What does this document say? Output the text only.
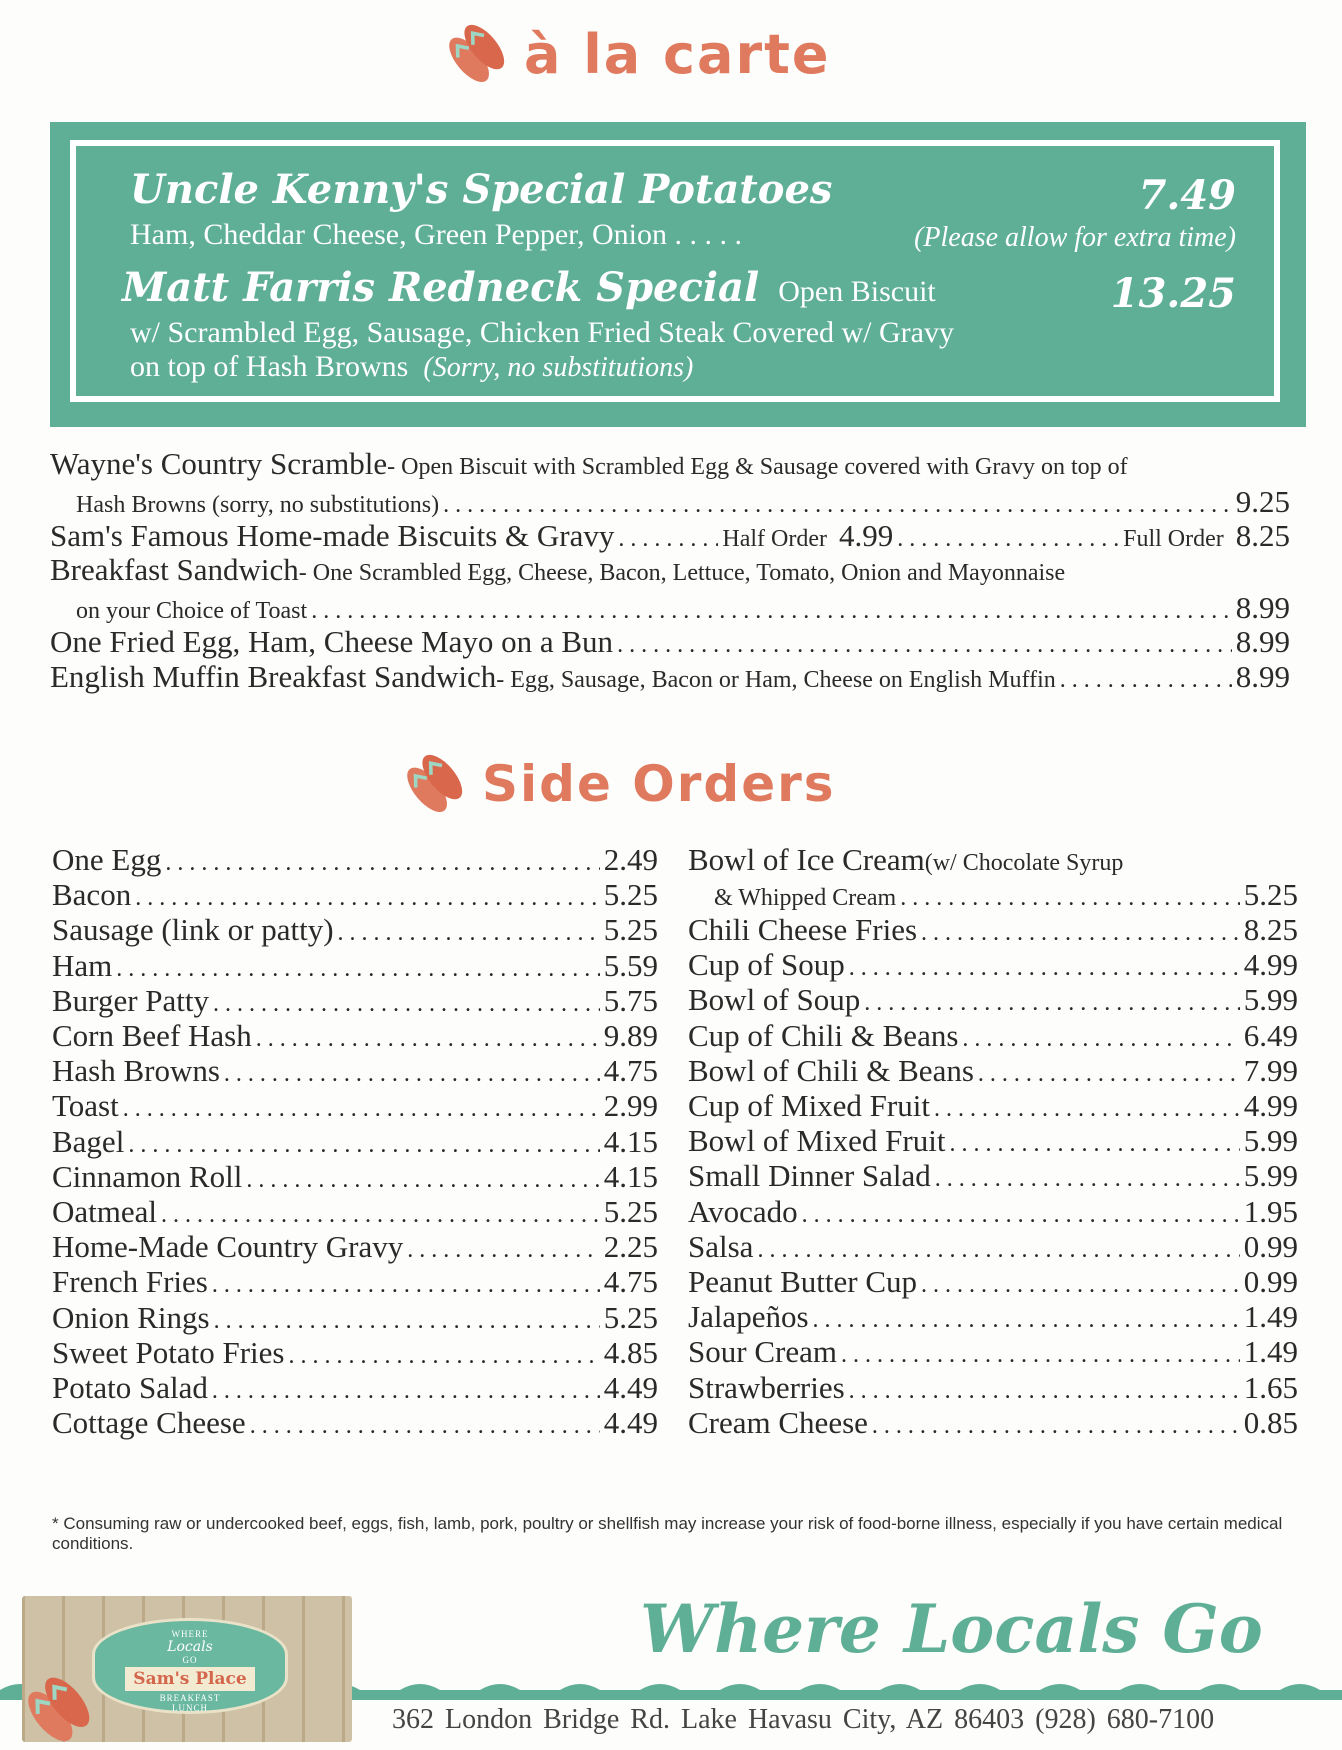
à la carte
Uncle Kenny's Special Potatoes	7.49
Ham, Cheddar Cheese, Green Pepper, Onion . . . . .	(Please allow for extra time)
Matt Farris Redneck Special Open Biscuit	13.25
w/ Scrambled Egg, Sausage, Chicken Fried Steak Covered w/ Gravy
on top of Hash Browns (Sorry, no substitutions)
Wayne's Country Scramble - Open Biscuit with Scrambled Egg & Sausage covered with Gravy on top of
Hash Browns (sorry, no substitutions) . . .	9.25
Sam's Famous Home-made Biscuits & Gravy . . .	Half Order 4.99 . . .	Full Order 8.25
Breakfast Sandwich - One Scrambled Egg, Cheese, Bacon, Lettuce, Tomato, Onion and Mayonnaise
on your Choice of Toast . . .	8.99
One Fried Egg, Ham, Cheese Mayo on a Bun . . .	8.99
English Muffin Breakfast Sandwich - Egg, Sausage, Bacon or Ham, Cheese on English Muffin . . .	8.99
Side Orders
One Egg . . .	2.49
Bacon . . .	5.25
Sausage (link or patty) . . .	5.25
Ham . . .	5.59
Burger Patty . . .	5.75
Corn Beef Hash . . .	9.89
Hash Browns . . .	4.75
Toast . . .	2.99
Bagel . . .	4.15
Cinnamon Roll . . .	4.15
Oatmeal . . .	5.25
Home-Made Country Gravy . . .	2.25
French Fries . . .	4.75
Onion Rings . . .	5.25
Sweet Potato Fries . . .	4.85
Potato Salad . . .	4.49
Cottage Cheese . . .	4.49
Bowl of Ice Cream (w/ Chocolate Syrup
& Whipped Cream . . .	5.25
Chili Cheese Fries . . .	8.25
Cup of Soup . . .	4.99
Bowl of Soup . . .	5.99
Cup of Chili & Beans . . .	6.49
Bowl of Chili & Beans . . .	7.99
Cup of Mixed Fruit . . .	4.99
Bowl of Mixed Fruit . . .	5.99
Small Dinner Salad . . .	5.99
Avocado . . .	1.95
Salsa . . .	0.99
Peanut Butter Cup . . .	0.99
Jalapeños . . .	1.49
Sour Cream . . .	1.49
Strawberries . . .	1.65
Cream Cheese . . .	0.85
* Consuming raw or undercooked beef, eggs, fish, lamb, pork, poultry or shellfish may increase your risk of food-borne illness, especially if you have certain medical conditions.
WHERE
Locals
GO
Sam's Place
BREAKFAST
LUNCH
Where Locals Go
362 London Bridge Rd. Lake Havasu City, AZ 86403 (928) 680-7100
